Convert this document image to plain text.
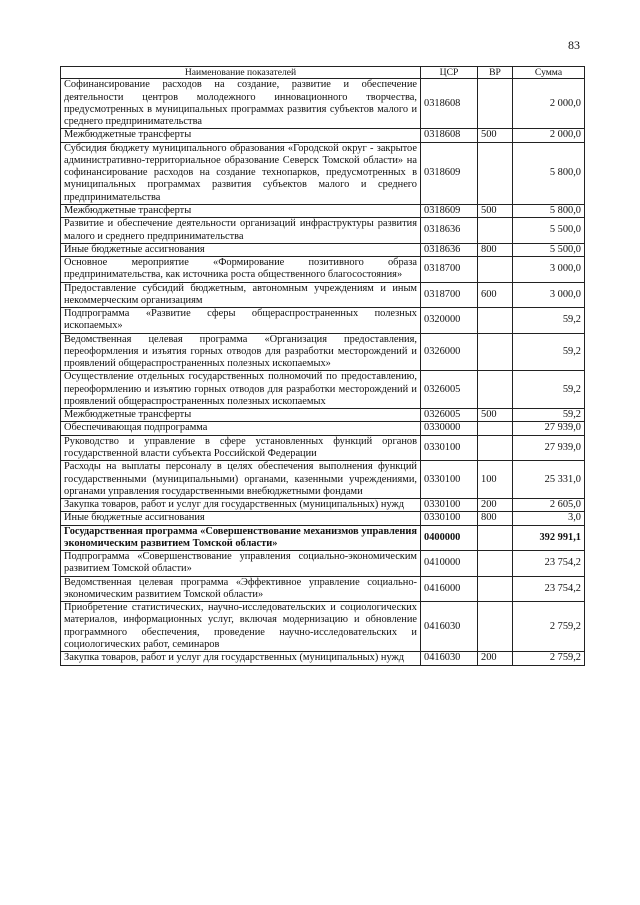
83
Наименование показателей	ЦСР	ВР	Сумма
Софинансирование расходов на создание, развитие и обеспечение деятельности центров молодежного инновационного творчества, предусмотренных в муниципальных программах развития субъектов малого и среднего предпринимательства	0318608		2 000,0
Межбюджетные трансферты	0318608	500	2 000,0
Субсидия бюджету муниципального образования «Городской округ - закрытое административно-территориальное образование Северск Томской области» на софинансирование расходов на создание технопарков, предусмотренных в муниципальных программах развития субъектов малого и среднего предпринимательства	0318609		5 800,0
Межбюджетные трансферты	0318609	500	5 800,0
Развитие и обеспечение деятельности организаций инфраструктуры развития малого и среднего предпринимательства	0318636		5 500,0
Иные бюджетные ассигнования	0318636	800	5 500,0
Основное мероприятие «Формирование позитивного образа предпринимательства, как источника роста общественного благосостояния»	0318700		3 000,0
Предоставление субсидий бюджетным, автономным учреждениям и иным некоммерческим организациям	0318700	600	3 000,0
Подпрограмма «Развитие сферы общераспространенных полезных ископаемых»	0320000		59,2
Ведомственная целевая программа «Организация предоставления, переоформления и изъятия горных отводов для разработки месторождений и проявлений общераспространенных полезных ископаемых»	0326000		59,2
Осуществление отдельных государственных полномочий по предоставлению, переоформлению и изъятию горных отводов для разработки месторождений и проявлений общераспространенных полезных ископаемых	0326005		59,2
Межбюджетные трансферты	0326005	500	59,2
Обеспечивающая подпрограмма	0330000		27 939,0
Руководство и управление в сфере установленных функций органов государственной власти субъекта Российской Федерации	0330100		27 939,0
Расходы на выплаты персоналу в целях обеспечения выполнения функций государственными (муниципальными) органами, казенными учреждениями, органами управления государственными внебюджетными фондами	0330100	100	25 331,0
Закупка товаров, работ и услуг для государственных (муниципальных) нужд	0330100	200	2 605,0
Иные бюджетные ассигнования	0330100	800	3,0
Государственная программа «Совершенствование механизмов управления экономическим развитием Томской области»	0400000		392 991,1
Подпрограмма «Совершенствование управления социально-экономическим развитием Томской области»	0410000		23 754,2
Ведомственная целевая программа «Эффективное управление социально-экономическим развитием Томской области»	0416000		23 754,2
Приобретение статистических, научно-исследовательских и социологических материалов, информационных услуг, включая модернизацию и обновление программного обеспечения, проведение научно-исследовательских и социологических работ, семинаров	0416030		2 759,2
Закупка товаров, работ и услуг для государственных (муниципальных) нужд	0416030	200	2 759,2
